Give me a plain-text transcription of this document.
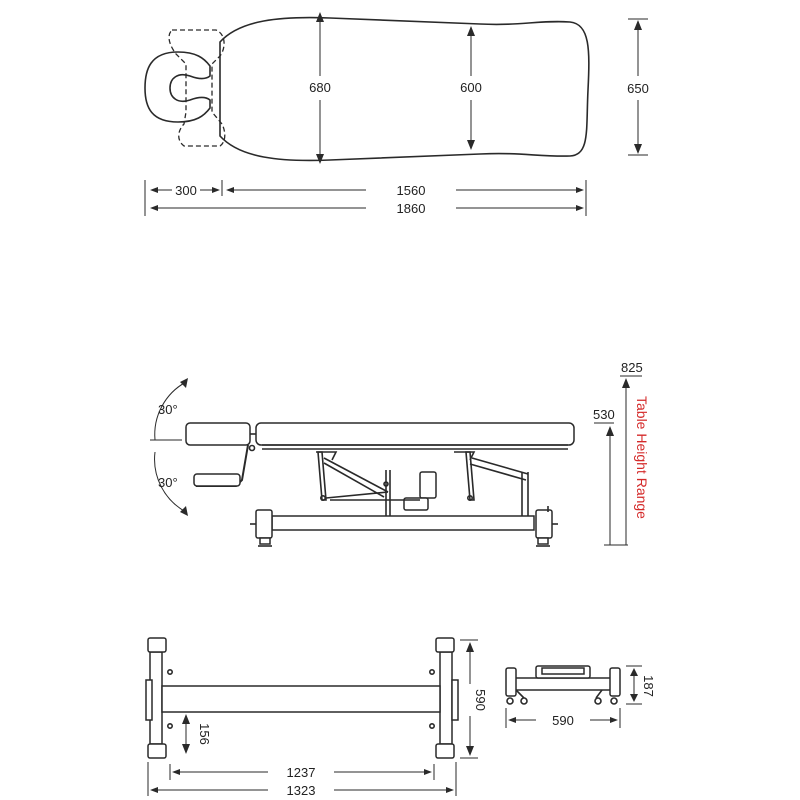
680	600	650
300	1560
1860
30°
30°
825
530 Table Height Range
590
156
1237
1323
187
590
